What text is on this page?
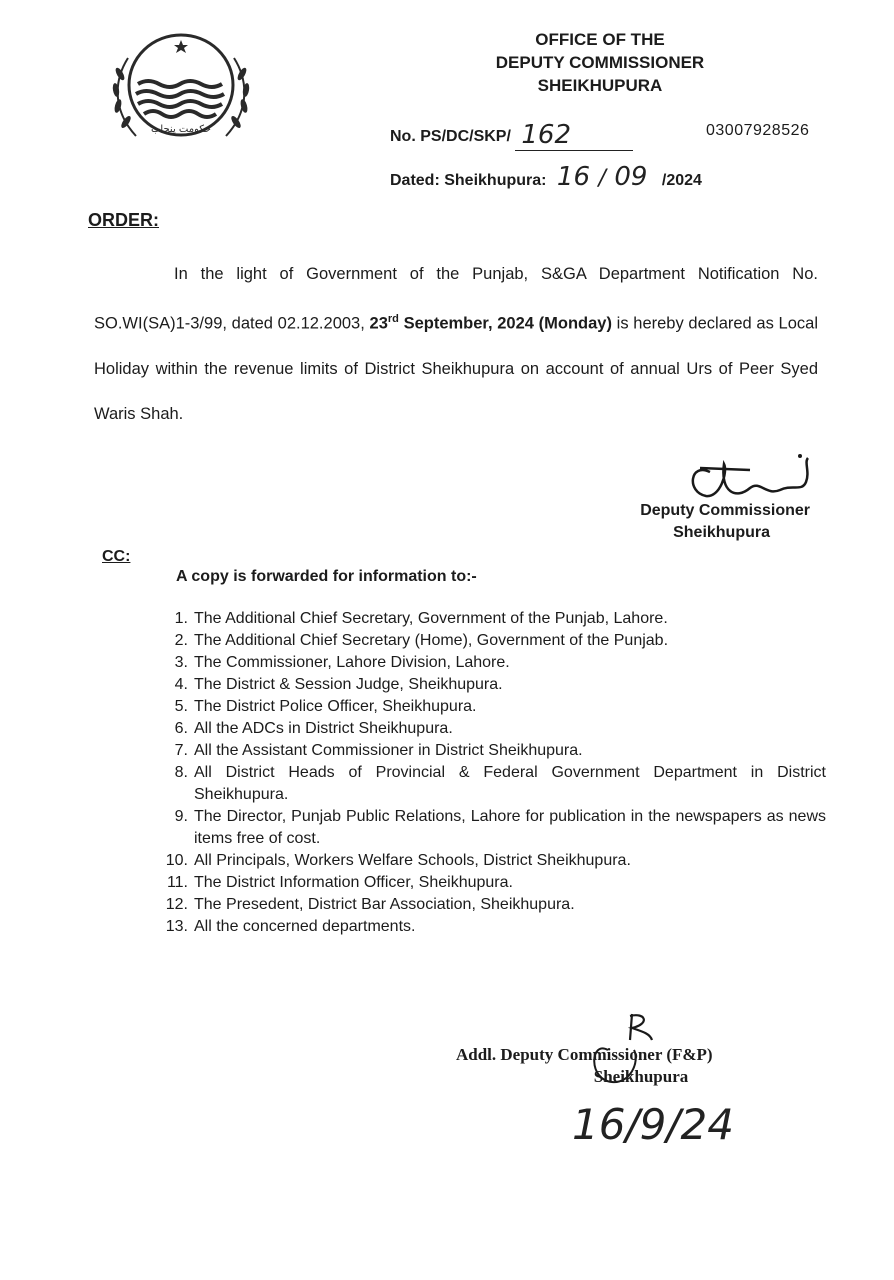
حکومت پنجاب
OFFICE OF THE
DEPUTY COMMISSIONER
SHEIKHUPURA
No. PS/DC/SKP/ 162	03007928526
Dated: Sheikhupura: 16 / 09 /2024
ORDER:

In the light of Government of the Punjab, S&GA Department Notification No. SO.WI(SA)1-3/99, dated 02.12.2003, 23rd September, 2024 (Monday) is hereby declared as Local Holiday within the revenue limits of District Sheikhupura on account of annual Urs of Peer Syed Waris Shah.

Deputy Commissioner
Sheikhupura
CC:
A copy is forwarded for information to:-
1. The Additional Chief Secretary, Government of the Punjab, Lahore.
2. The Additional Chief Secretary (Home), Government of the Punjab.
3. The Commissioner, Lahore Division, Lahore.
4. The District & Session Judge, Sheikhupura.
5. The District Police Officer, Sheikhupura.
6. All the ADCs in District Sheikhupura.
7. All the Assistant Commissioner in District Sheikhupura.
8. All District Heads of Provincial & Federal Government Department in District Sheikhupura.
9. The Director, Punjab Public Relations, Lahore for publication in the newspapers as news items free of cost.
10. All Principals, Workers Welfare Schools, District Sheikhupura.
11. The District Information Officer, Sheikhupura.
12. The Presedent, District Bar Association, Sheikhupura.
13. All the concerned departments.
Addl. Deputy Commissioner (F&P)
Sheikhupura
16/9/24
